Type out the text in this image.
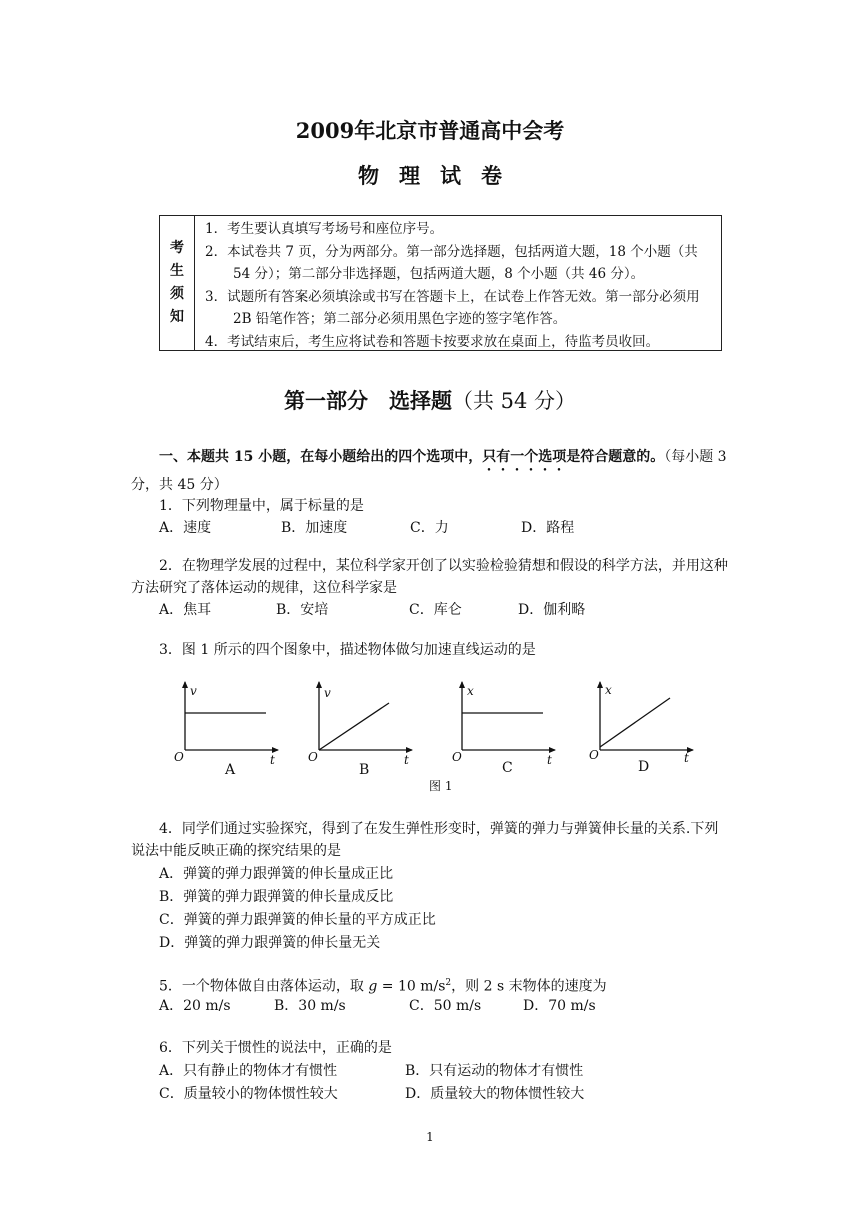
2009年北京市普通高中会考
物理试卷
考
生
须
知
1．考生要认真填写考场号和座位序号。
2．本试卷共 7 页，分为两部分。第一部分选择题，包括两道大题，18 个小题（共 54 分）；第二部分非选择题，包括两道大题，8 个小题（共 46 分）。
3．试题所有答案必须填涂或书写在答题卡上，在试卷上作答无效。第一部分必须用 2B 铅笔作答；第二部分必须用黑色字迹的签字笔作答。
4．考试结束后，考生应将试卷和答题卡按要求放在桌面上，待监考员收回。
第一部分　选择题（共 54 分）
一、本题共 15 小题，在每小题给出的四个选项中，只有一个选项是符合题意的。（每小题 3 分，共 45 分）
1．下列物理量中，属于标量的是
A．速度	B．加速度	C．力	D．路程
2．在物理学发展的过程中，某位科学家开创了以实验检验猜想和假设的科学方法，并用这种方法研究了落体运动的规律，这位科学家是
A．焦耳	B．安培	C．库仑	D．伽利略
3．图 1 所示的四个图象中，描述物体做匀加速直线运动的是
v
O	t
A
v
O	t
B
x
O	t
C
x
O	t
D
图 1
4．同学们通过实验探究，得到了在发生弹性形变时，弹簧的弹力与弹簧伸长量的关系.下列说法中能反映正确的探究结果的是
A．弹簧的弹力跟弹簧的伸长量成正比
B．弹簧的弹力跟弹簧的伸长量成反比
C．弹簧的弹力跟弹簧的伸长量的平方成正比
D．弹簧的弹力跟弹簧的伸长量无关
5．一个物体做自由落体运动，取 g = 10 $m/s^2$，则 2 s 末物体的速度为
A．20 m/s	B．30 m/s	C．50 m/s	D．70 m/s
6．下列关于惯性的说法中，正确的是
A．只有静止的物体才有惯性	B．只有运动的物体才有惯性
C．质量较小的物体惯性较大	D．质量较大的物体惯性较大
1
